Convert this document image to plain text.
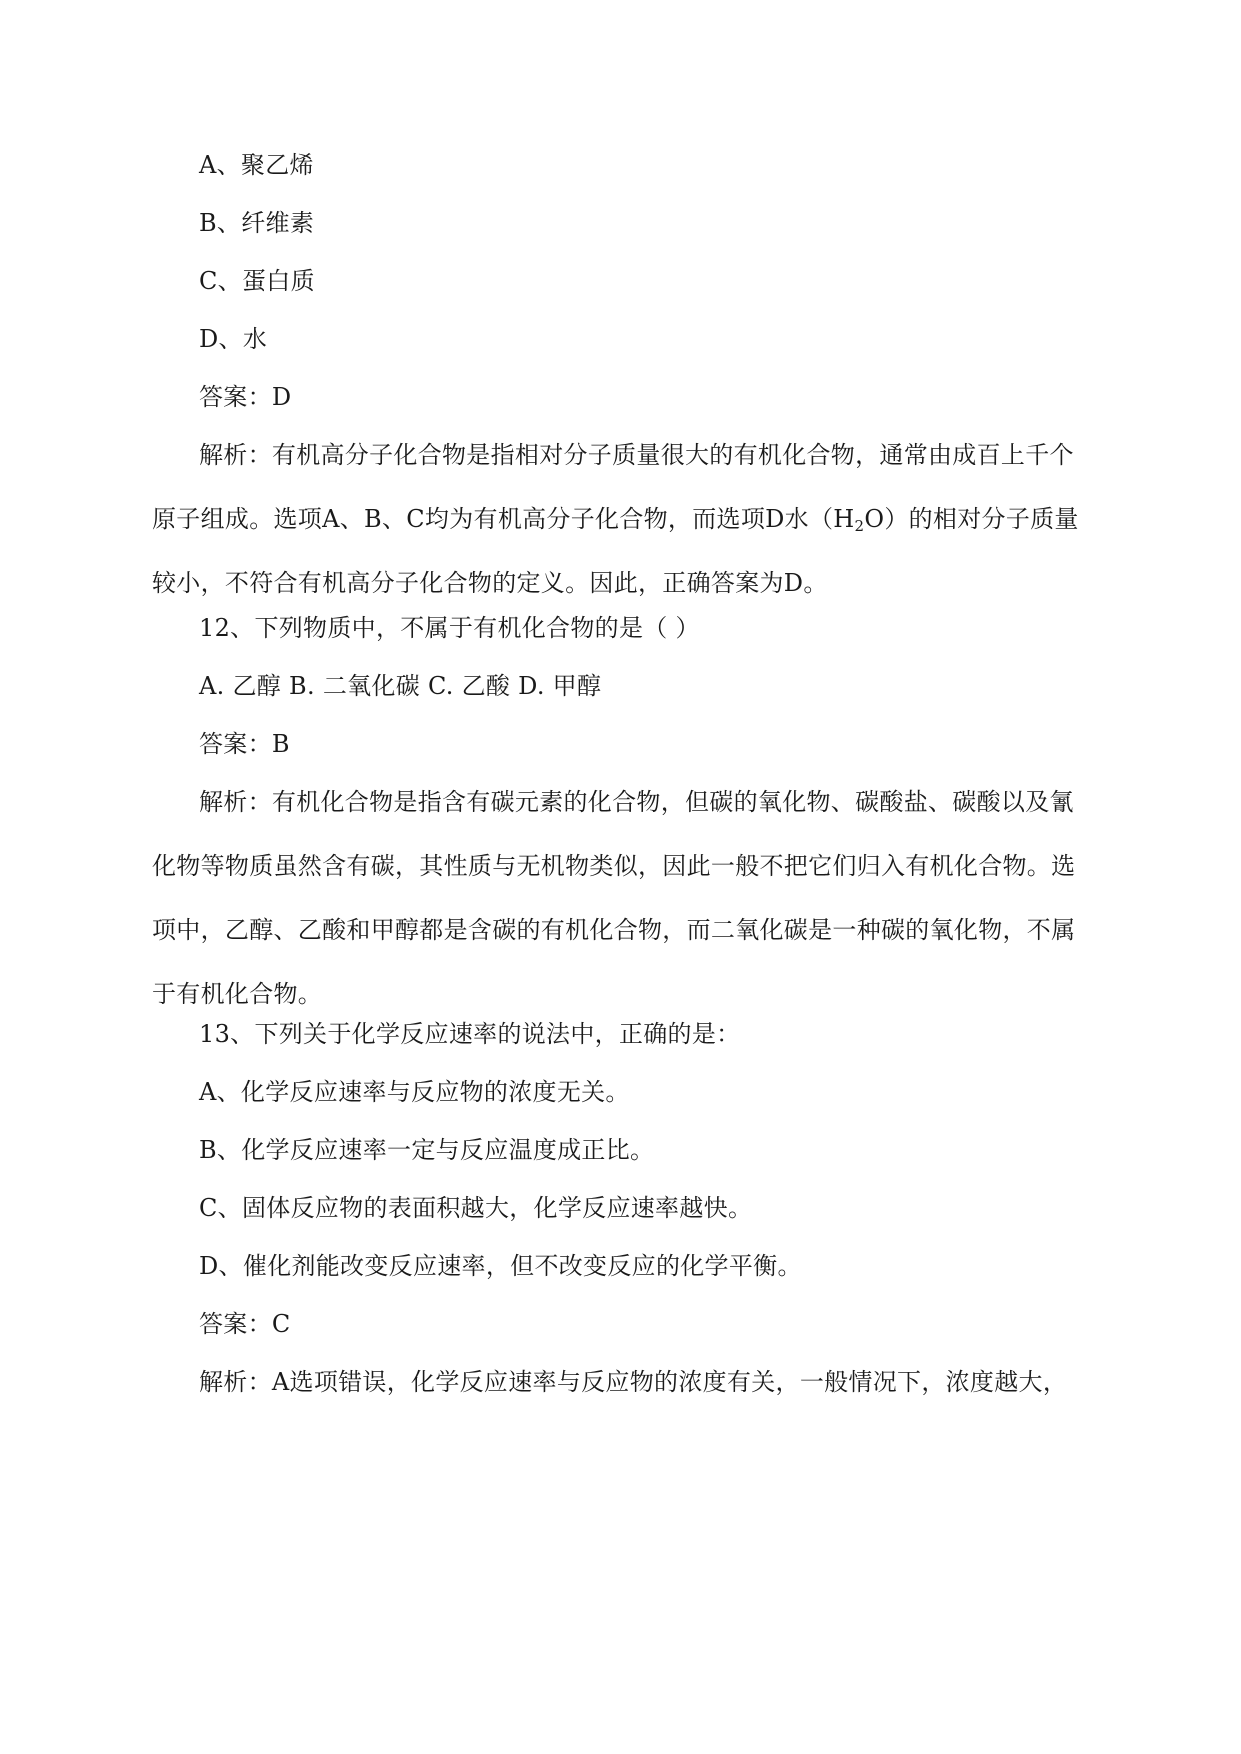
A、聚乙烯
B、纤维素
C、蛋白质
D、水
答案：D
解析：有机高分子化合物是指相对分子质量很大的有机化合物，通常由成百上千个
原子组成。选项A、B、C均为有机高分子化合物，而选项D水$(H_2O)$的相对分子质量
较小，不符合有机高分子化合物的定义。因此，正确答案为D。
12、下列物质中，不属于有机化合物的是（ ）
A. 乙醇 B. 二氧化碳 C. 乙酸 D. 甲醇
答案：B
解析：有机化合物是指含有碳元素的化合物，但碳的氧化物、碳酸盐、碳酸以及氰
化物等物质虽然含有碳，其性质与无机物类似，因此一般不把它们归入有机化合物。选
项中，乙醇、乙酸和甲醇都是含碳的有机化合物，而二氧化碳是一种碳的氧化物，不属
于有机化合物。
13、下列关于化学反应速率的说法中，正确的是：
A、化学反应速率与反应物的浓度无关。
B、化学反应速率一定与反应温度成正比。
C、固体反应物的表面积越大，化学反应速率越快。
D、催化剂能改变反应速率，但不改变反应的化学平衡。
答案：C
解析：A选项错误，化学反应速率与反应物的浓度有关，一般情况下，浓度越大，
